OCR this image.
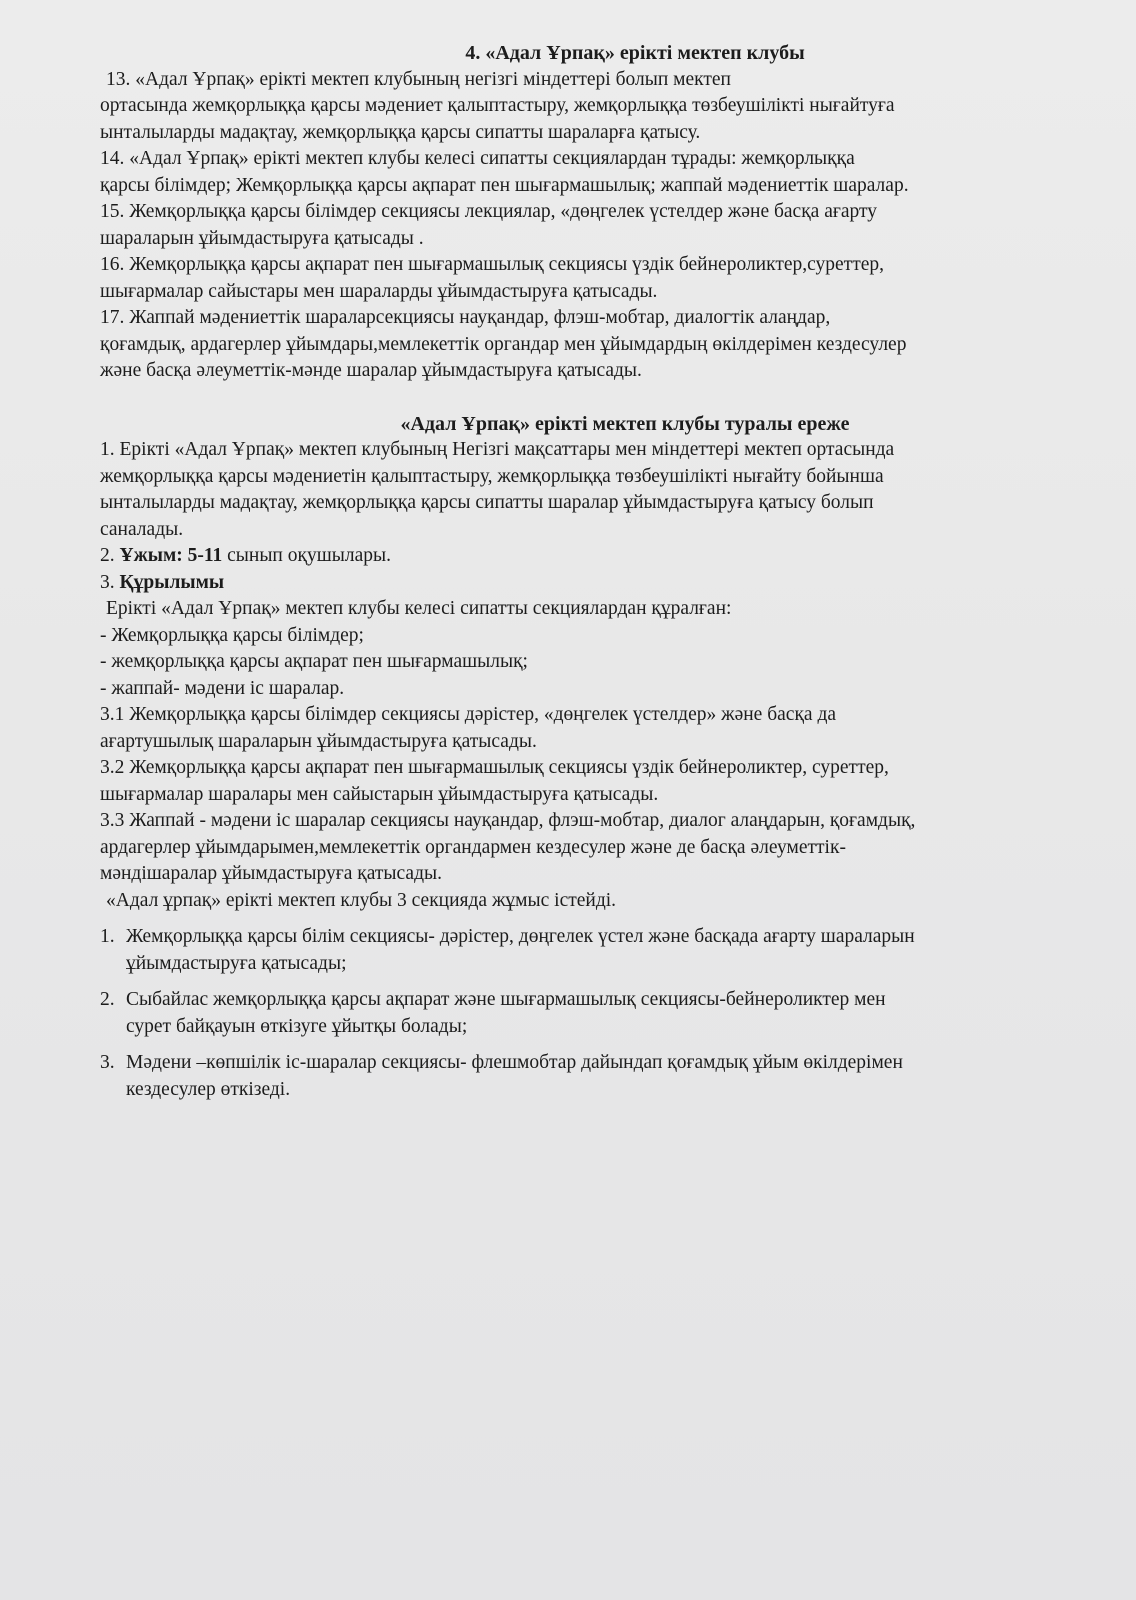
4. «Адал Ұрпақ» ерікті мектеп клубы

13. «Адал Ұрпақ» ерікті мектеп клубының негізгі міндеттері болып мектеп

ортасында жемқорлыққа қарсы мәдениет қалыптастыру, жемқорлыққа төзбеушілікті нығайтуға

ынталыларды мадақтау, жемқорлыққа қарсы сипатты шараларға қатысу.

14. «Адал Ұрпақ» ерікті мектеп клубы келесі сипатты секциялардан тұрады: жемқорлыққа

қарсы білімдер; Жемқорлыққа қарсы ақпарат пен шығармашылық; жаппай мәдениеттік шаралар.

15. Жемқорлыққа қарсы білімдер секциясы лекциялар, «дөңгелек үстелдер және басқа ағарту

шараларын ұйымдастыруға қатысады .

16. Жемқорлыққа қарсы ақпарат пен шығармашылық секциясы үздік бейнероликтер,суреттер,

шығармалар сайыстары мен шараларды ұйымдастыруға қатысады.

17. Жаппай мәдениеттік шараларсекциясы науқандар, флэш-мобтар, диалогтік алаңдар,

қоғамдық, ардагерлер ұйымдары,мемлекеттік органдар мен ұйымдардың өкілдерімен кездесулер

және басқа әлеуметтік-мәнде шаралар ұйымдастыруға қатысады.

«Адал Ұрпақ» ерікті мектеп клубы туралы ереже

1. Ерікті «Адал Ұрпақ» мектеп клубының Негізгі мақсаттары мен міндеттері мектеп ортасында

жемқорлыққа қарсы мәдениетін қалыптастыру, жемқорлыққа төзбеушілікті нығайту бойынша

ынталыларды мадақтау, жемқорлыққа қарсы сипатты шаралар ұйымдастыруға қатысу болып

саналады.

2. Ұжым: 5-11 сынып оқушылары.

3. Құрылымы

Ерікті «Адал Ұрпақ» мектеп клубы келесі сипатты секциялардан құралған:

- Жемқорлыққа қарсы білімдер;

- жемқорлыққа қарсы ақпарат пен шығармашылық;

- жаппай- мәдени іс шаралар.

3.1 Жемқорлыққа қарсы білімдер секциясы дәрістер, «дөңгелек үстелдер» және басқа да

ағартушылық шараларын ұйымдастыруға қатысады.

3.2 Жемқорлыққа қарсы ақпарат пен шығармашылық секциясы үздік бейнероликтер, суреттер,

шығармалар шаралары мен сайыстарын ұйымдастыруға қатысады.

3.3 Жаппай - мәдени іс шаралар секциясы науқандар, флэш-мобтар, диалог алаңдарын, қоғамдық,

ардагерлер ұйымдарымен,мемлекеттік органдармен кездесулер және де басқа әлеуметтік-

мәндішаралар ұйымдастыруға қатысады.

«Адал ұрпақ» ерікті мектеп клубы 3 секцияда жұмыс істейді.

1. Жемқорлыққа қарсы білім секциясы- дәрістер, дөңгелек үстел және басқада ағарту шараларын

ұйымдастыруға қатысады;

2. Сыбайлас жемқорлыққа қарсы ақпарат және шығармашылық секциясы-бейнероликтер мен

сурет байқауын өткізуге ұйытқы болады;

3. Мәдени –көпшілік іс-шаралар секциясы- флешмобтар дайындап қоғамдық ұйым өкілдерімен

кездесулер өткізеді.
